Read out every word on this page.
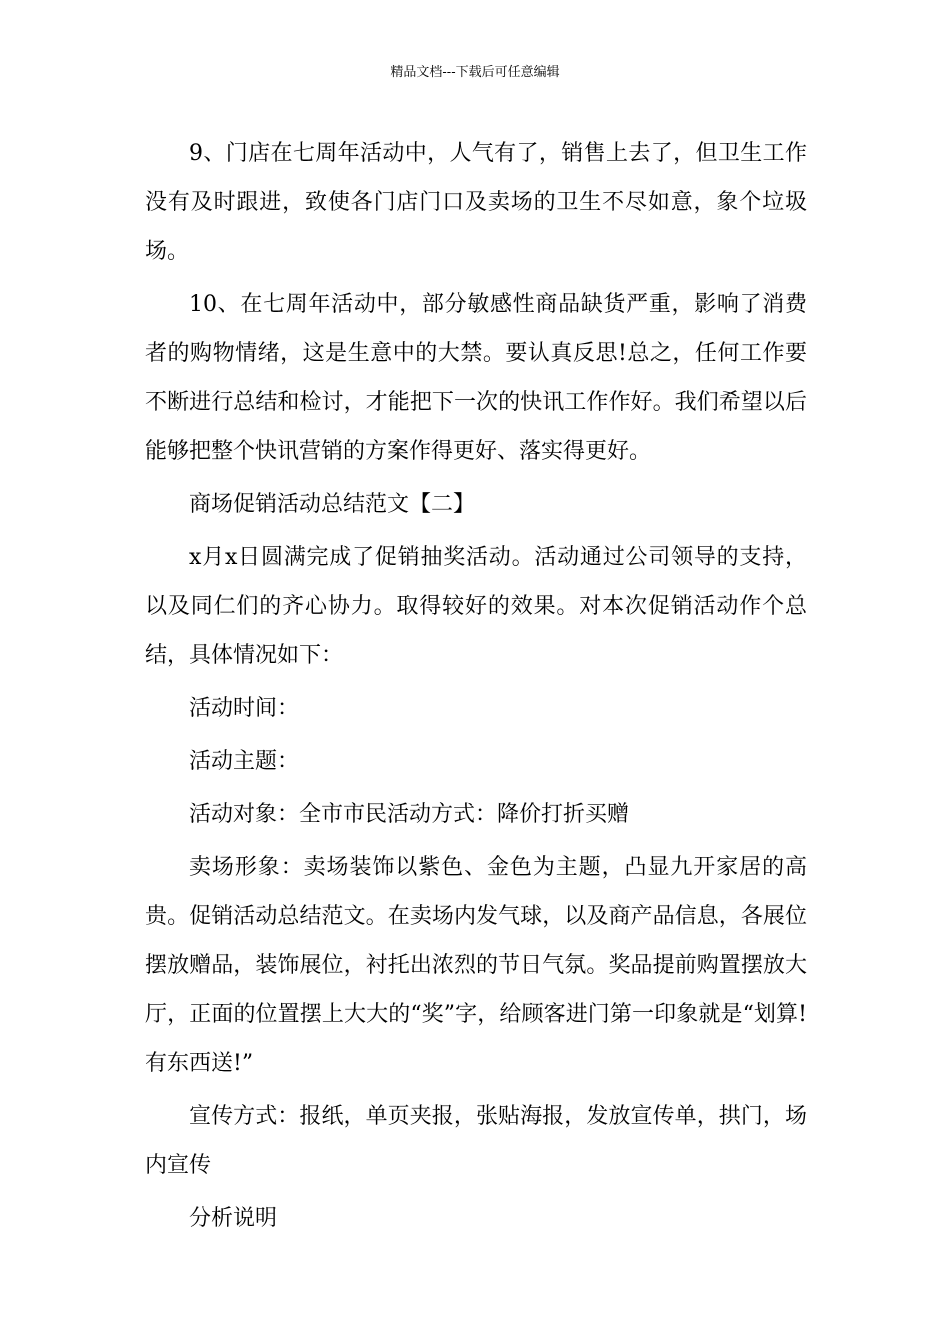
精品文档---下载后可任意编辑

9、门店在七周年活动中，人气有了，销售上去了，但卫生工作没有及时跟进，致使各门店门口及卖场的卫生不尽如意，象个垃圾场。

10、在七周年活动中，部分敏感性商品缺货严重，影响了消费者的购物情绪，这是生意中的大禁。要认真反思!总之，任何工作要不断进行总结和检讨，才能把下一次的快讯工作作好。我们希望以后能够把整个快讯营销的方案作得更好、落实得更好。

商场促销活动总结范文【二】

x月x日圆满完成了促销抽奖活动。活动通过公司领导的支持，以及同仁们的齐心协力。取得较好的效果。对本次促销活动作个总结，具体情况如下：

活动时间：

活动主题：

活动对象：全市市民活动方式：降价打折买赠

卖场形象：卖场装饰以紫色、金色为主题，凸显九开家居的高贵。促销活动总结范文。在卖场内发气球，以及商产品信息，各展位摆放赠品，装饰展位，衬托出浓烈的节日气氛。奖品提前购置摆放大厅，正面的位置摆上大大的“奖”字，给顾客进门第一印象就是“划算!有东西送!”

宣传方式：报纸，单页夹报，张贴海报，发放宣传单，拱门，场内宣传

分析说明
